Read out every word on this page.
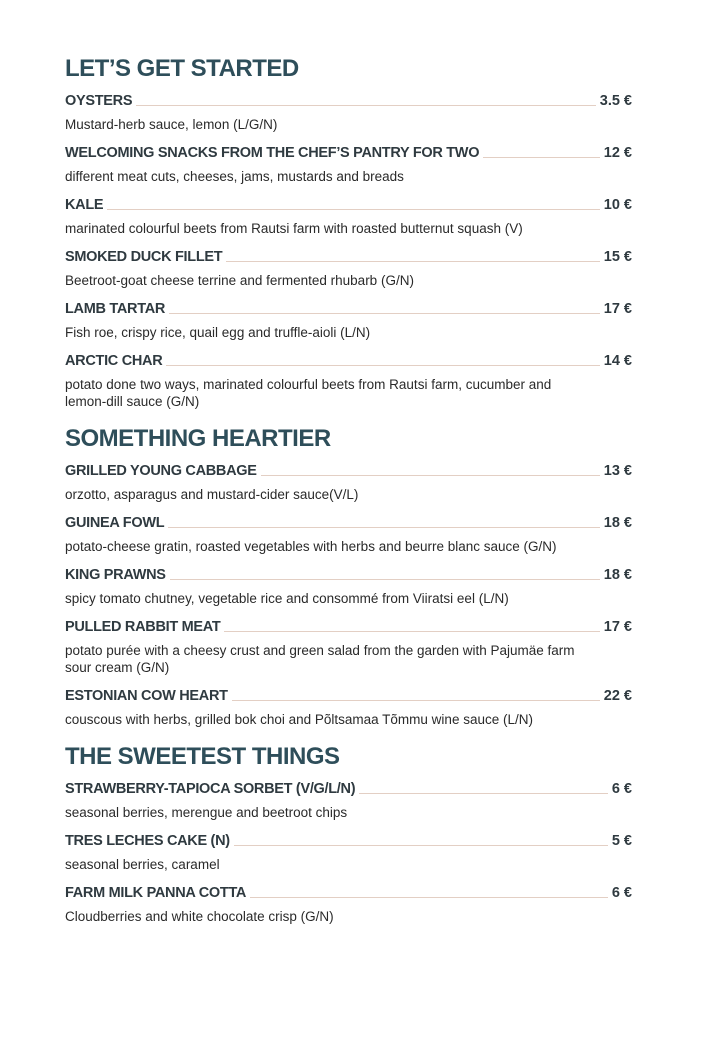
LET’S GET STARTED
OYSTERS	3.5 €
Mustard-herb sauce, lemon (L/G/N)
WELCOMING SNACKS FROM THE CHEF’S PANTRY FOR TWO	12 €
different meat cuts, cheeses, jams, mustards and breads
KALE	10 €
marinated colourful beets from Rautsi farm with roasted butternut squash (V)
SMOKED DUCK FILLET	15 €
Beetroot-goat cheese terrine and fermented rhubarb (G/N)
LAMB TARTAR	17 €
Fish roe, crispy rice, quail egg and truffle-aioli (L/N)
ARCTIC CHAR	14 €
potato done two ways, marinated colourful beets from Rautsi farm, cucumber and lemon-dill sauce (G/N)
SOMETHING HEARTIER
GRILLED YOUNG CABBAGE	13 €
orzotto, asparagus and mustard-cider sauce(V/L)
GUINEA FOWL	18 €
potato-cheese gratin, roasted vegetables with herbs and beurre blanc sauce (G/N)
KING PRAWNS	18 €
spicy tomato chutney, vegetable rice and consommé from Viiratsi eel (L/N)
PULLED RABBIT MEAT	17 €
potato purée with a cheesy crust and green salad from the garden with Pajumäe farm sour cream (G/N)
ESTONIAN COW HEART	22 €
couscous with herbs, grilled bok choi and Põltsamaa Tõmmu wine sauce (L/N)
THE SWEETEST THINGS
STRAWBERRY-TAPIOCA SORBET (V/G/L/N)	6 €
seasonal berries, merengue and beetroot chips
TRES LECHES CAKE (N)	5 €
seasonal berries, caramel
FARM MILK PANNA COTTA	6 €
Cloudberries and white chocolate crisp (G/N)
